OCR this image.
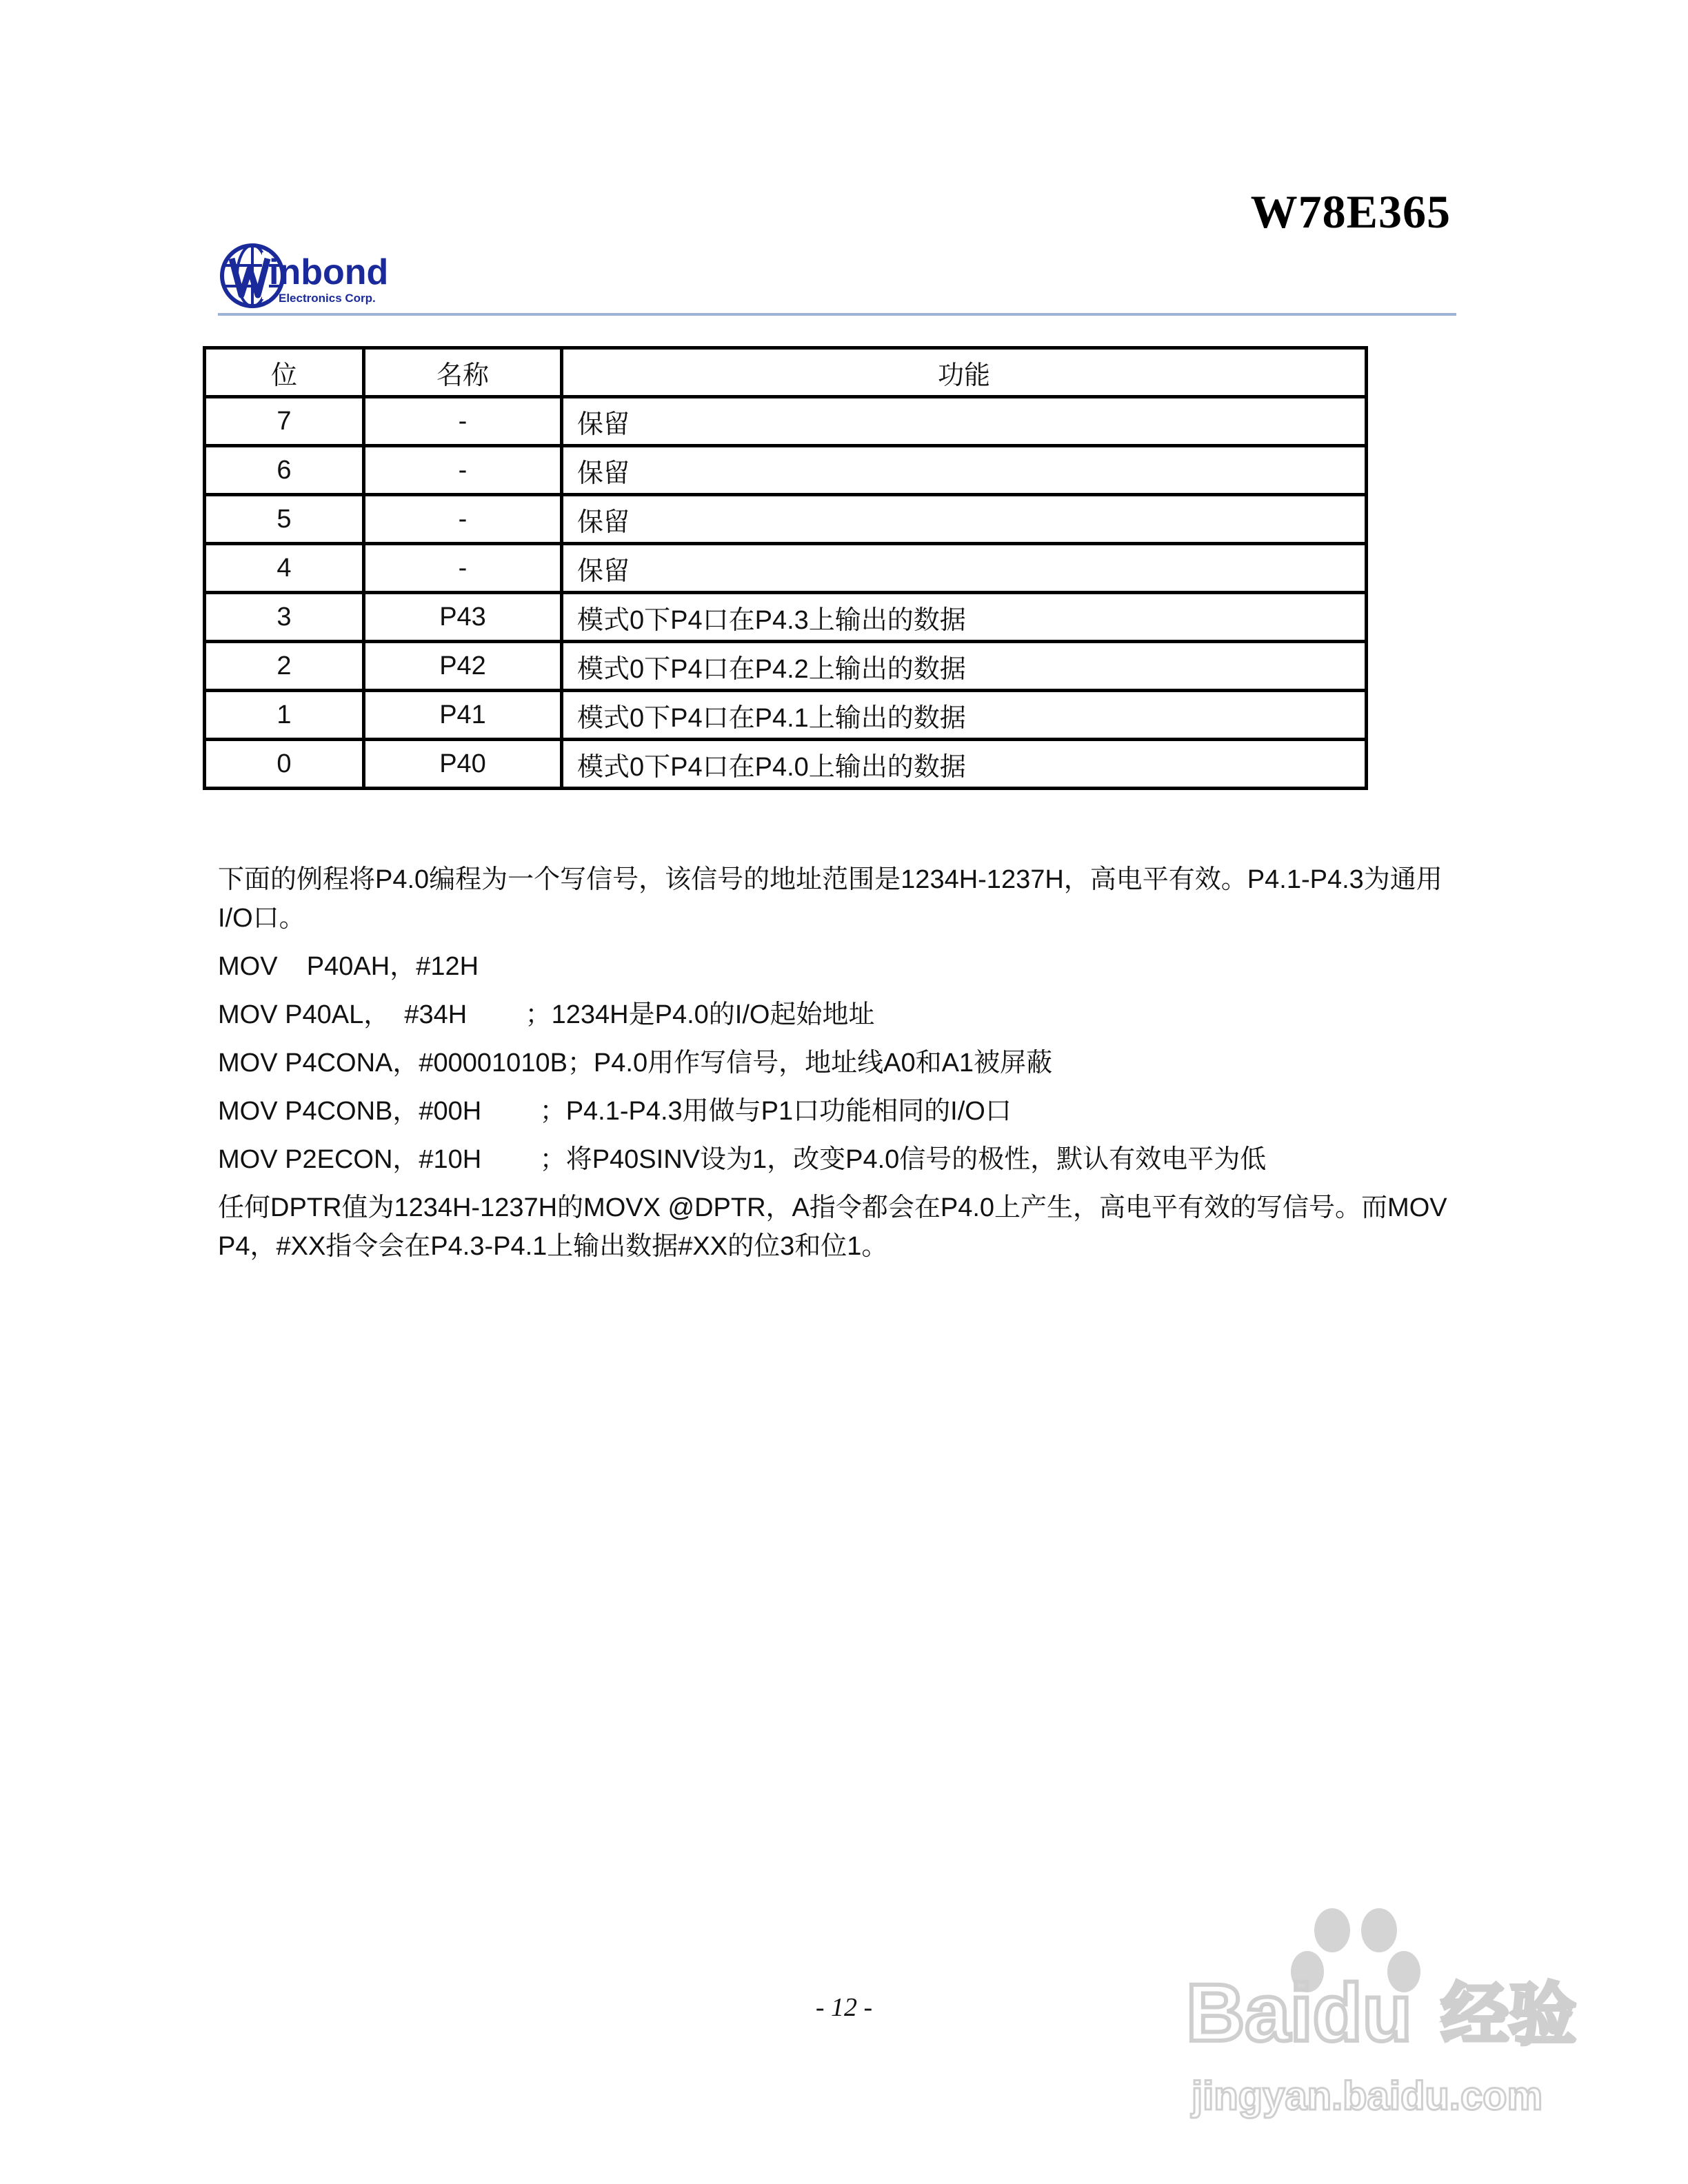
W78E365
inbond
Electronics Corp.
位	名称	功能
7	-	保留
6	-	保留
5	-	保留
4	-	保留
3	P43	模式0下P4口在P4.3上输出的数据
2	P42	模式0下P4口在P4.2上输出的数据
1	P41	模式0下P4口在P4.1上输出的数据
0	P40	模式0下P4口在P4.0上输出的数据

下面的例程将P4.0编程为一个写信号，该信号的地址范围是1234H-1237H，高电平有效。P4.1-P4.3为通用I/O口。

MOV    P40AH，#12H

MOV P40AL，  #34H        ；1234H是P4.0的I/O起始地址

MOV P4CONA，#00001010B；P4.0用作写信号，地址线A0和A1被屏蔽

MOV P4CONB，#00H        ；P4.1-P4.3用做与P1口功能相同的I/O口

MOV P2ECON，#10H        ；将P40SINV设为1，改变P4.0信号的极性，默认有效电平为低

任何DPTR值为1234H-1237H的MOVX @DPTR，A指令都会在P4.0上产生，高电平有效的写信号。而MOV P4，#XX指令会在P4.3-P4.1上输出数据#XX的位3和位1。

- 12 -	Baidu 经验
jingyan.baidu.com
